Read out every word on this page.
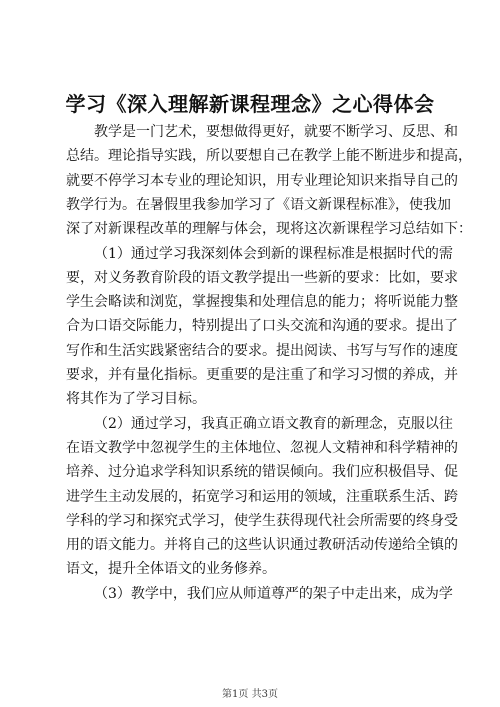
学习《深入理解新课程理念》之心得体会
教学是一门艺术，要想做得更好，就要不断学习、反思、和
总结。理论指导实践，所以要想自己在教学上能不断进步和提高，
就要不停学习本专业的理论知识，用专业理论知识来指导自己的
教学行为。在暑假里我参加学习了《语文新课程标准》，使我加
深了对新课程改革的理解与体会，现将这次新课程学习总结如下：
（1）通过学习我深刻体会到新的课程标准是根据时代的需
要，对义务教育阶段的语文教学提出一些新的要求：比如，要求
学生会略读和浏览，掌握搜集和处理信息的能力；将听说能力整
合为口语交际能力，特别提出了口头交流和沟通的要求。提出了
写作和生活实践紧密结合的要求。提出阅读、书写与写作的速度
要求，并有量化指标。更重要的是注重了和学习习惯的养成，并
将其作为了学习目标。
（2）通过学习，我真正确立语文教育的新理念，克服以往
在语文教学中忽视学生的主体地位、忽视人文精神和科学精神的
培养、过分追求学科知识系统的错误倾向。我们应积极倡导、促
进学生主动发展的，拓宽学习和运用的领域，注重联系生活、跨
学科的学习和探究式学习，使学生获得现代社会所需要的终身受
用的语文能力。并将自己的这些认识通过教研活动传递给全镇的
语文，提升全体语文的业务修养。
（3）教学中，我们应从师道尊严的架子中走出来，成为学
第1页 共3页
